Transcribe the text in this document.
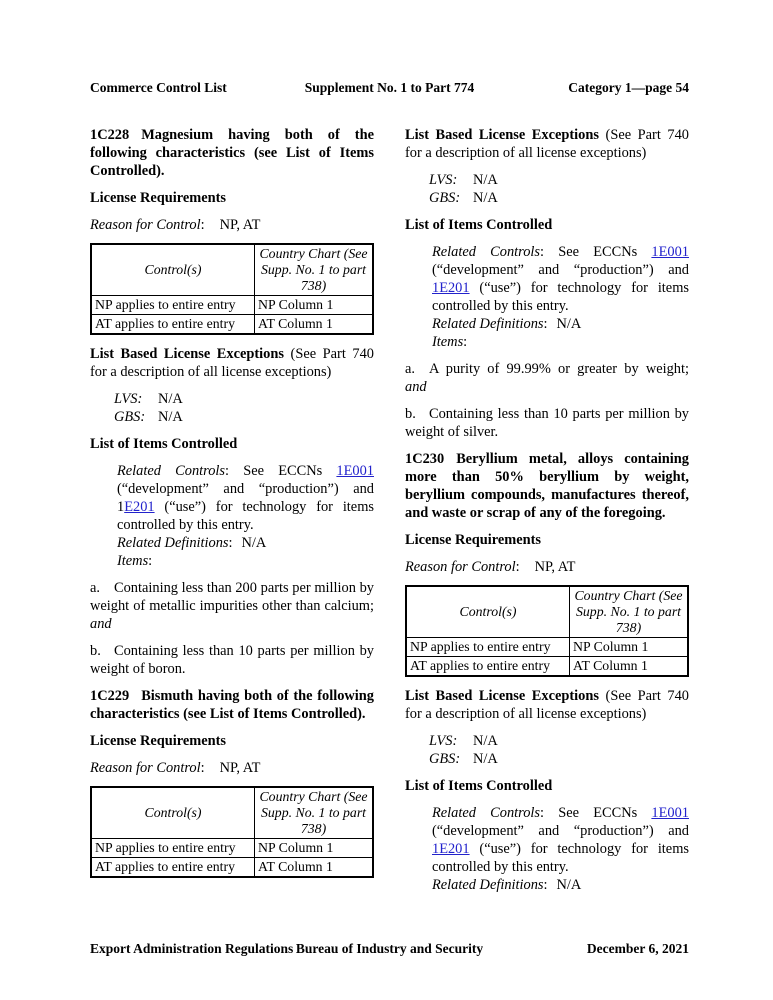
Commerce Control List	Supplement No. 1 to Part 774	Category 1—page 54

1C228 Magnesium having both of the following characteristics (see List of Items Controlled).

License Requirements

Reason for Control: NP, AT

Control(s)	Country Chart (See Supp. No. 1 to part 738)
NP applies to entire entry	NP Column 1
AT applies to entire entry	AT Column 1

List Based License Exceptions (See Part 740 for a description of all license exceptions)

LVS: N/A

GBS: N/A

List of Items Controlled

Related Controls: See ECCNs 1E001 (“development” and “production”) and 1E201 (“use”) for technology for items controlled by this entry.

Related Definitions: N/A

Items:

a. Containing less than 200 parts per million by weight of metallic impurities other than calcium; and

b. Containing less than 10 parts per million by weight of boron.

1C229 Bismuth having both of the following characteristics (see List of Items Controlled).

License Requirements

Reason for Control: NP, AT

Control(s)	Country Chart (See Supp. No. 1 to part 738)
NP applies to entire entry	NP Column 1
AT applies to entire entry	AT Column 1

List Based License Exceptions (See Part 740 for a description of all license exceptions)

LVS: N/A

GBS: N/A

List of Items Controlled

Related Controls: See ECCNs 1E001 (“development” and “production”) and 1E201 (“use”) for technology for items controlled by this entry.

Related Definitions: N/A

Items:

a. A purity of 99.99% or greater by weight; and

b. Containing less than 10 parts per million by weight of silver.

1C230 Beryllium metal, alloys containing more than 50% beryllium by weight, beryllium compounds, manufactures thereof, and waste or scrap of any of the foregoing.

License Requirements

Reason for Control: NP, AT

Control(s)	Country Chart (See Supp. No. 1 to part 738)
NP applies to entire entry	NP Column 1
AT applies to entire entry	AT Column 1

List Based License Exceptions (See Part 740 for a description of all license exceptions)

LVS: N/A

GBS: N/A

List of Items Controlled

Related Controls: See ECCNs 1E001 (“development” and “production”) and 1E201 (“use”) for technology for items controlled by this entry.

Related Definitions: N/A

Export Administration Regulations Bureau of Industry and Security	December 6, 2021
